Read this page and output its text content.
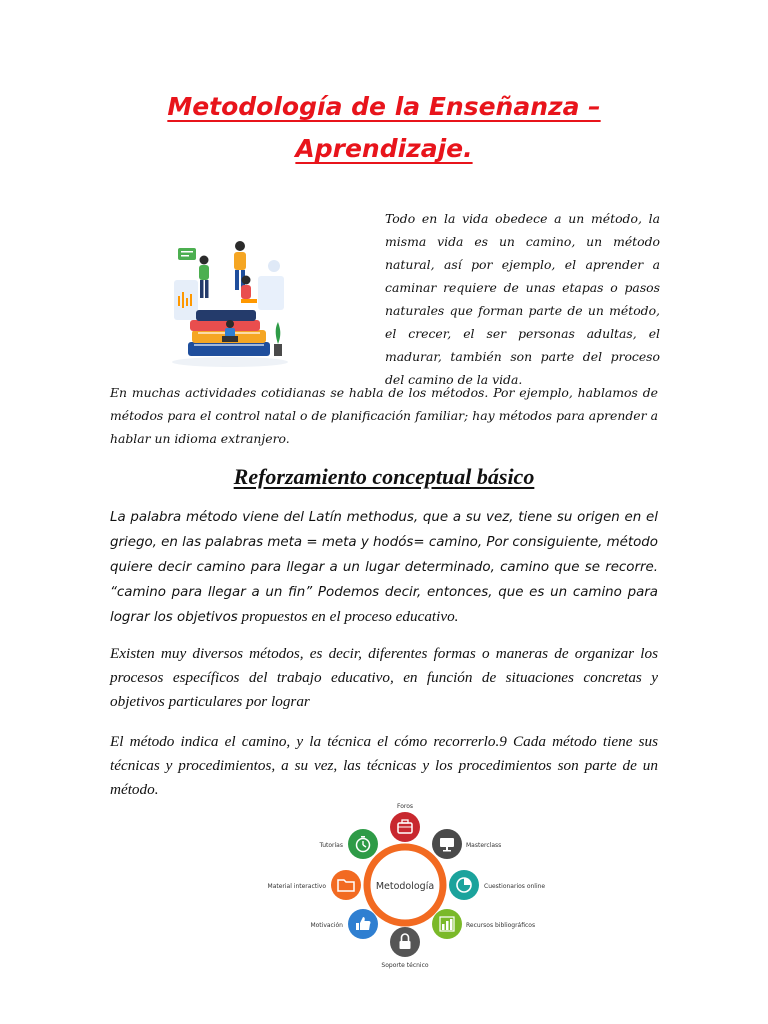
Metodología de la Enseñanza –
Aprendizaje.
Todo en la vida obedece a un método, la misma vida es un camino, un método natural, así por ejemplo, el aprender a caminar requiere de unas etapas o pasos naturales que forman parte de un método, el crecer, el ser personas adultas, el madurar, también son parte del proceso del camino de la vida.
En muchas actividades cotidianas se habla de los métodos. Por ejemplo, hablamos de métodos para el control natal o de planificación familiar; hay métodos para aprender a hablar un idioma extranjero.
Reforzamiento conceptual básico
La palabra método viene del Latín methodus, que a su vez, tiene su origen en el griego, en las palabras meta = meta y hodós= camino, Por consiguiente, método quiere decir camino para llegar a un lugar determinado, camino que se recorre. “camino para llegar a un fin” Podemos decir, entonces, que es un camino para lograr los objetivos propuestos en el proceso educativo.
Existen muy diversos métodos, es decir, diferentes formas o maneras de organizar los procesos específicos del trabajo educativo, en función de situaciones concretas y objetivos particulares por lograr
El método indica el camino, y la técnica el cómo recorrerlo.9 Cada método tiene sus técnicas y procedimientos, a su vez, las técnicas y los procedimientos son parte de un método.
Metodología
Foros
Masterclass
Cuestionarios online
Recursos bibliográficos
Soporte técnico
Motivación
Material interactivo
Tutorías
